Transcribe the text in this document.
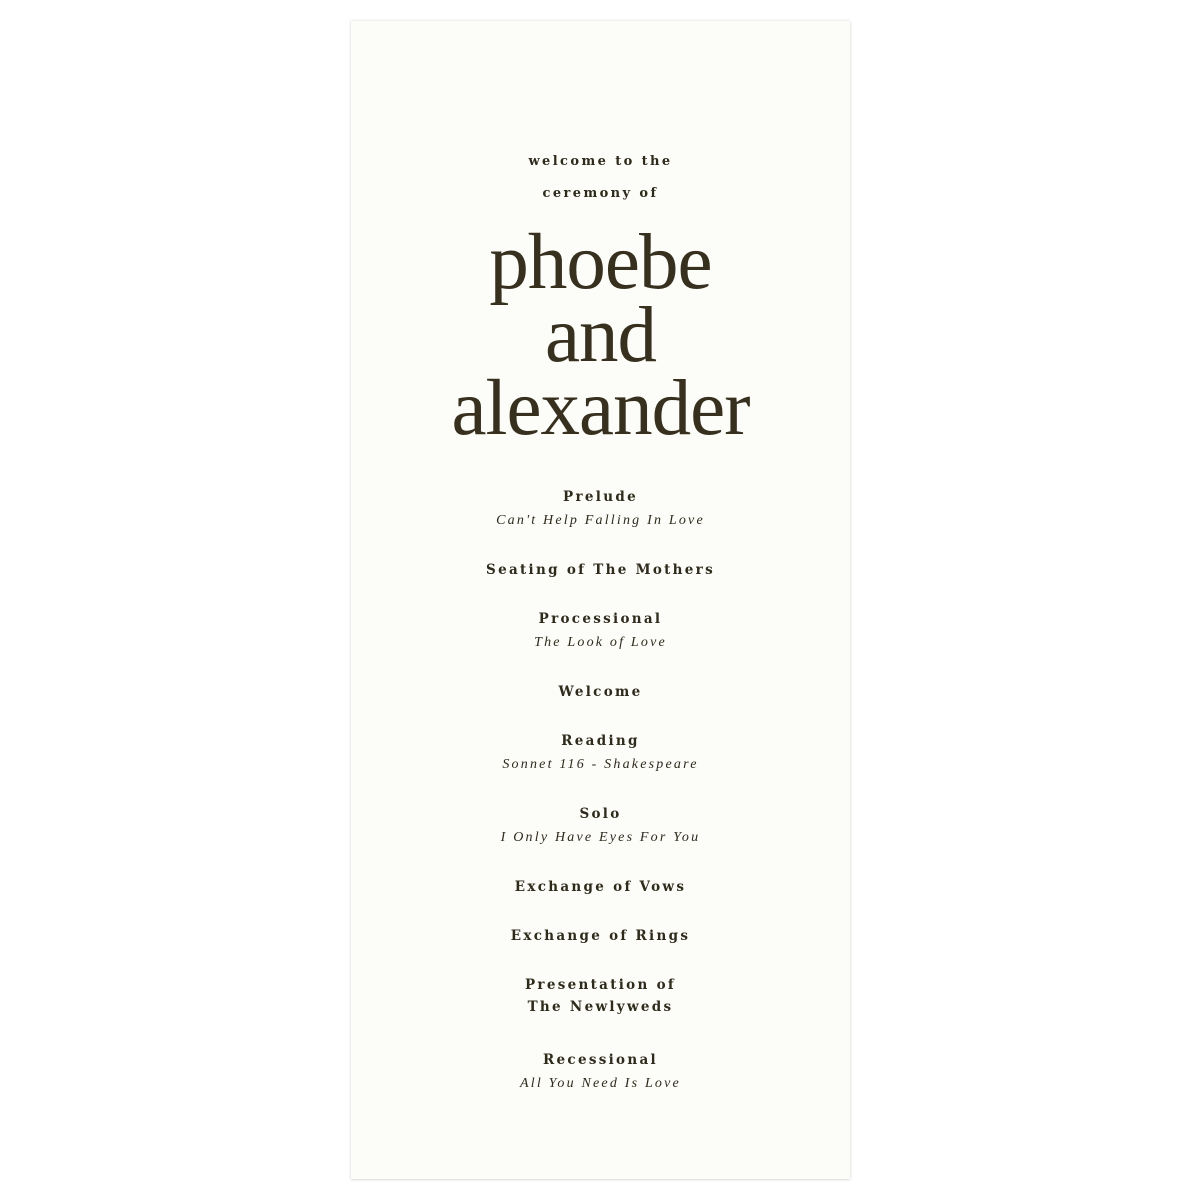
welcome to the
ceremony of
phoebe
and
alexander
Prelude
Can't Help Falling In Love
Seating of The Mothers
Processional
The Look of Love
Welcome
Reading
Sonnet 116 - Shakespeare
Solo
I Only Have Eyes For You
Exchange of Vows
Exchange of Rings
Presentation of
The Newlyweds
Recessional
All You Need Is Love
